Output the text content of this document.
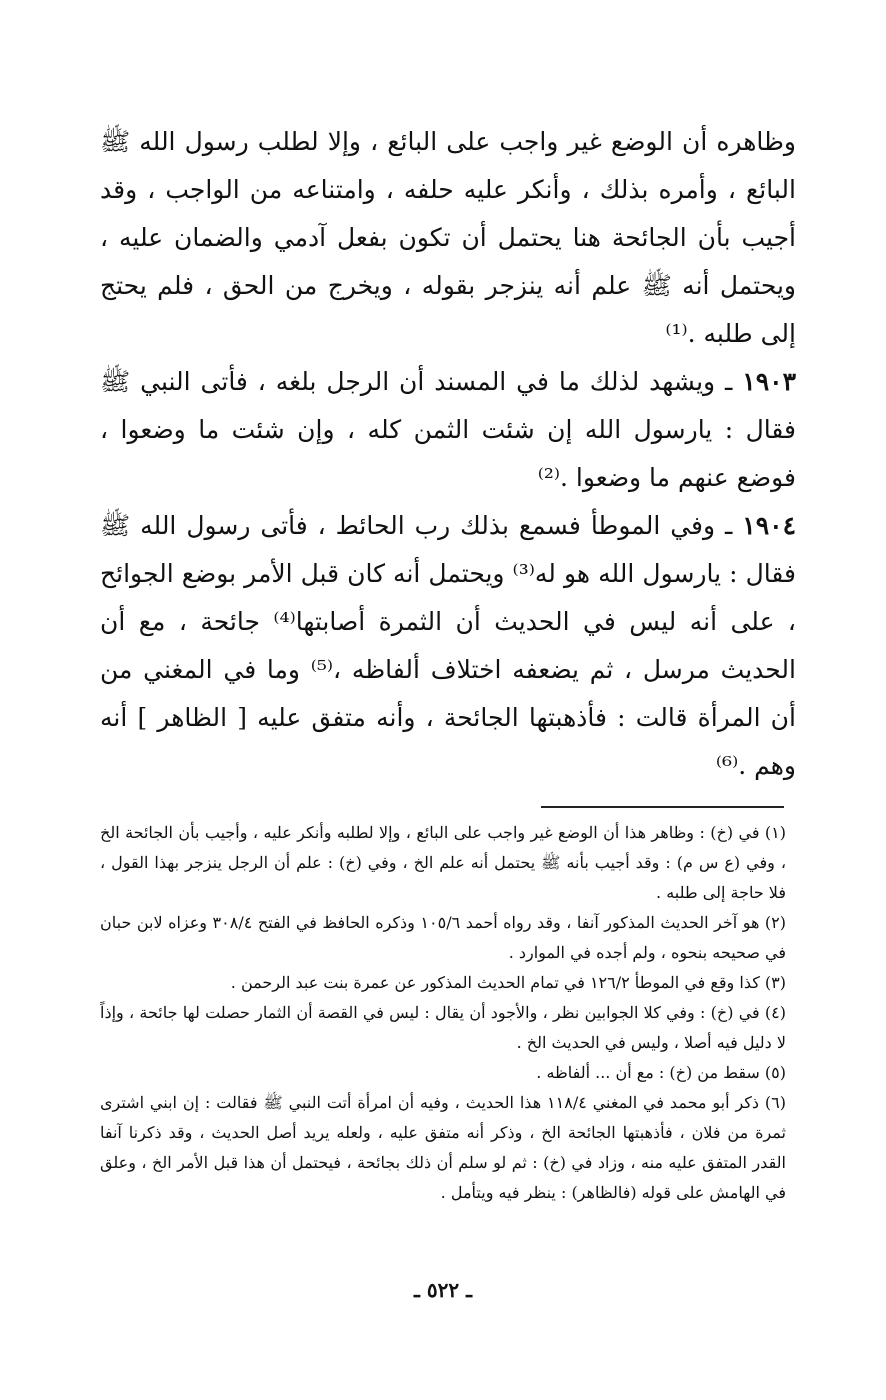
وظاهره أن الوضع غير واجب على البائع ، وإلا لطلب رسول الله ﷺ البائع ، وأمره بذلك ، وأنكر عليه حلفه ، وامتناعه من الواجب ، وقد أجيب بأن الجائحة هنا يحتمل أن تكون بفعل آدمي والضمان عليه ، ويحتمل أنه ﷺ علم أنه ينزجر بقوله ، ويخرج من الحق ، فلم يحتج إلى طلبه .⁽¹⁾

١٩٠٣ ـ ويشهد لذلك ما في المسند أن الرجل بلغه ، فأتى النبي ﷺ فقال : يارسول الله إن شئت الثمن كله ، وإن شئت ما وضعوا ، فوضع عنهم ما وضعوا .⁽²⁾

١٩٠٤ ـ وفي الموطأ فسمع بذلك رب الحائط ، فأتى رسول الله ﷺ فقال : يارسول الله هو له⁽³⁾ ويحتمل أنه كان قبل الأمر بوضع الجوائح ، على أنه ليس في الحديث أن الثمرة أصابتها⁽⁴⁾ جائحة ، مع أن الحديث مرسل ، ثم يضعفه اختلاف ألفاظه ،⁽⁵⁾ وما في المغني من أن المرأة قالت : فأذهبتها الجائحة ، وأنه متفق عليه [ الظاهر ] أنه وهم .⁽⁶⁾

(١) في (خ) : وظاهر هذا أن الوضع غير واجب على البائع ، وإلا لطلبه وأنكر عليه ، وأجيب بأن الجائحة الخ ، وفي (ع س م) : وقد أجيب بأنه ﷺ يحتمل أنه علم الخ ، وفي (خ) : علم أن الرجل ينزجر بهذا القول ، فلا حاجة إلى طلبه .

(٢) هو آخر الحديث المذكور آنفا ، وقد رواه أحمد ١٠٥/٦ وذكره الحافظ في الفتح ٣٠٨/٤ وعزاه لابن حبان في صحيحه بنحوه ، ولم أجده في الموارد .

(٣) كذا وقع في الموطأ ١٢٦/٢ في تمام الحديث المذكور عن عمرة بنت عبد الرحمن .

(٤) في (خ) : وفي كلا الجوابين نظر ، والأجود أن يقال : ليس في القصة أن الثمار حصلت لها جائحة ، وإذاً لا دليل فيه أصلا ، وليس في الحديث الخ .

(٥) سقط من (خ) : مع أن ... ألفاظه .

(٦) ذكر أبو محمد في المغني ١١٨/٤ هذا الحديث ، وفيه أن امرأة أتت النبي ﷺ فقالت : إن ابني اشترى ثمرة من فلان ، فأذهبتها الجائحة الخ ، وذكر أنه متفق عليه ، ولعله يريد أصل الحديث ، وقد ذكرنا آنفا القدر المتفق عليه منه ، وزاد في (خ) : ثم لو سلم أن ذلك بجائحة ، فيحتمل أن هذا قبل الأمر الخ ، وعلق في الهامش على قوله (فالظاهر) : ينظر فيه ويتأمل .

ـ ٥٢٢ ـ
